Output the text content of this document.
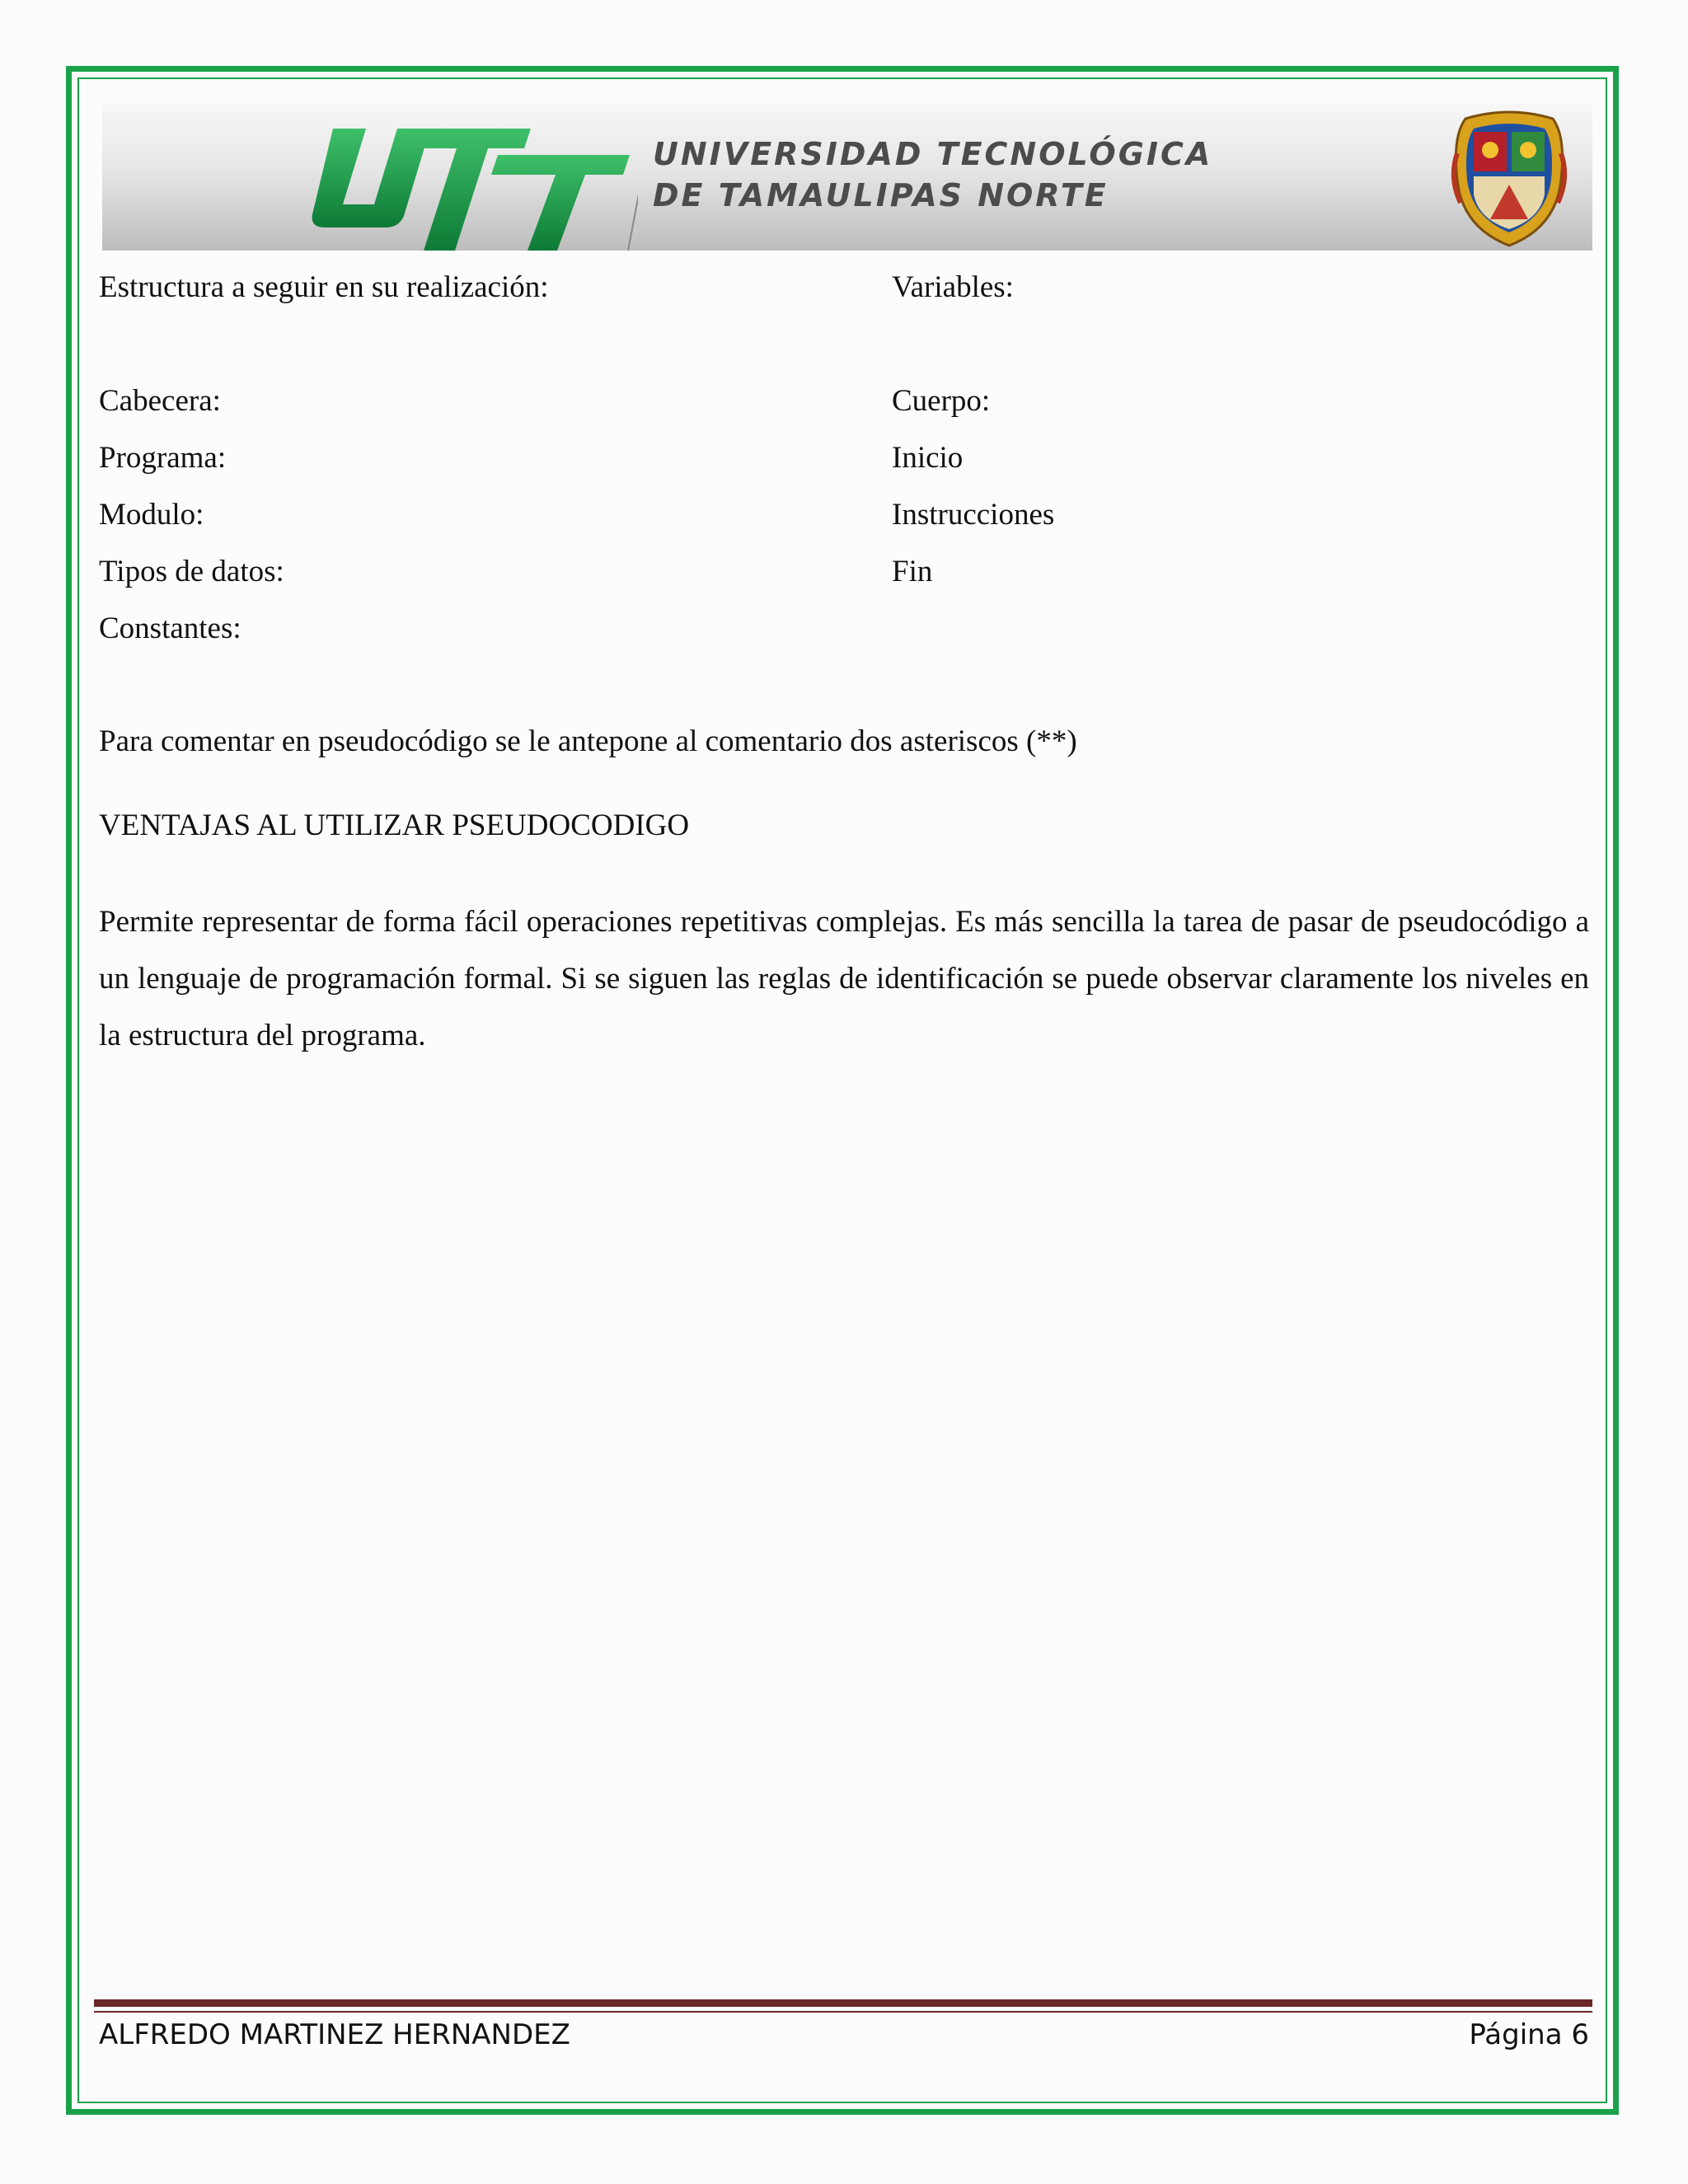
UTT
UNIVERSIDAD TECNOLÓGICA
DE TAMAULIPAS NORTE
Estructura a seguir en su realización:	Variables:
Cabecera:
Programa:
Modulo:
Tipos de datos:
Constantes:
Cuerpo:
Inicio
Instrucciones
Fin
Para comentar en pseudocódigo se le antepone al comentario dos asteriscos (**)
VENTAJAS AL UTILIZAR PSEUDOCODIGO
Permite representar de forma fácil operaciones repetitivas complejas. Es más sencilla la tarea de pasar de pseudocódigo a un lenguaje de programación formal. Si se siguen las reglas de identificación se puede observar claramente los niveles en la estructura del programa.
ALFREDO MARTINEZ HERNANDEZ	Página 6
